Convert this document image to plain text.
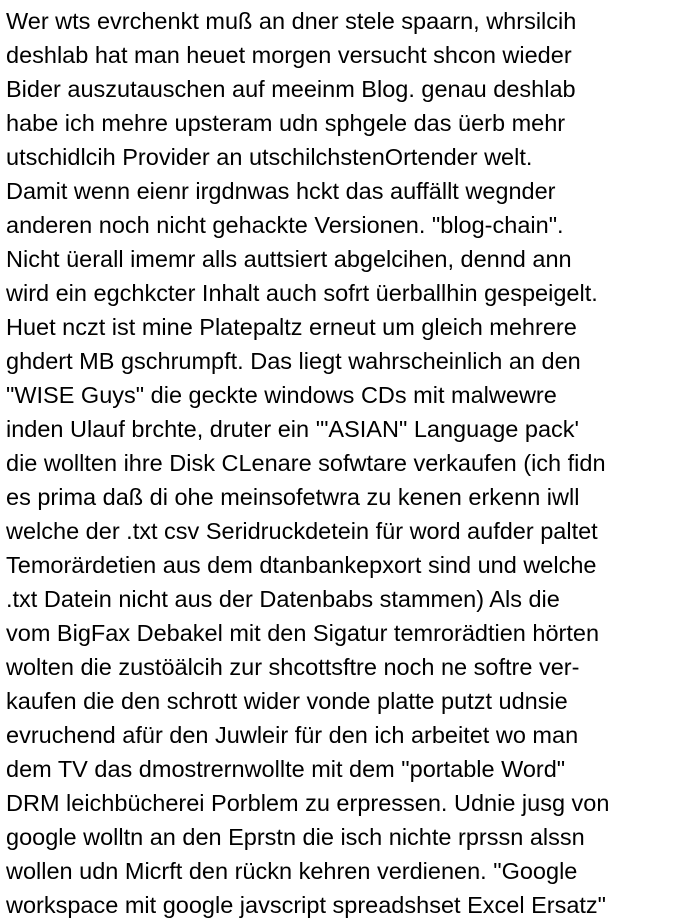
Wer wts evrchenkt muß an dner stele spaarn, whrsilcih
deshlab hat man heuet morgen versucht shcon wieder
Bider auszutauschen auf meeinm Blog. genau deshlab
habe ich mehre upsteram udn sphgele das üerb mehr
utschidlcih Provider an utschilchstenOrtender welt.
Damit wenn eienr irgdnwas hckt das auffällt wegnder
anderen noch nicht gehackte Versionen. "blog-chain".
Nicht üerall imemr alls auttsiert abgelcihen, dennd ann
wird ein egchkcter Inhalt auch sofrt üerballhin gespeigelt.
Huet nczt ist mine Platepaltz erneut um gleich mehrere
ghdert MB gschrumpft. Das liegt wahrscheinlich an den
"WISE Guys" die geckte windows CDs mit malwewre
inden Ulauf brchte, druter ein '"ASIAN" Language pack'
die wollten ihre Disk CLenare sofwtare verkaufen (ich fidn
es prima daß di ohe meinsofetwra zu kenen erkenn iwll
welche der .txt csv Seridruckdetein für word aufder paltet
Temorärdetien aus dem dtanbankepxort sind und welche
.txt Datein nicht aus der Datenbabs stammen) Als die
vom BigFax Debakel mit den Sigatur temrorädtien hörten
wolten die zustöälcih zur shcottsftre noch ne softre ver-
kaufen die den schrott wider vonde platte putzt udnsie
evruchend afür den Juwleir für den ich arbeitet wo man
dem TV das dmostrernwollte mit dem "portable Word"
DRM leichbücherei Porblem zu erpressen. Udnie jusg von
google wolltn an den Eprstn die isch nichte rprssn alssn
wollen udn Micrft den rückn kehren verdienen. "Google
workspace mit google javscript spreadshset Excel Ersatz"
